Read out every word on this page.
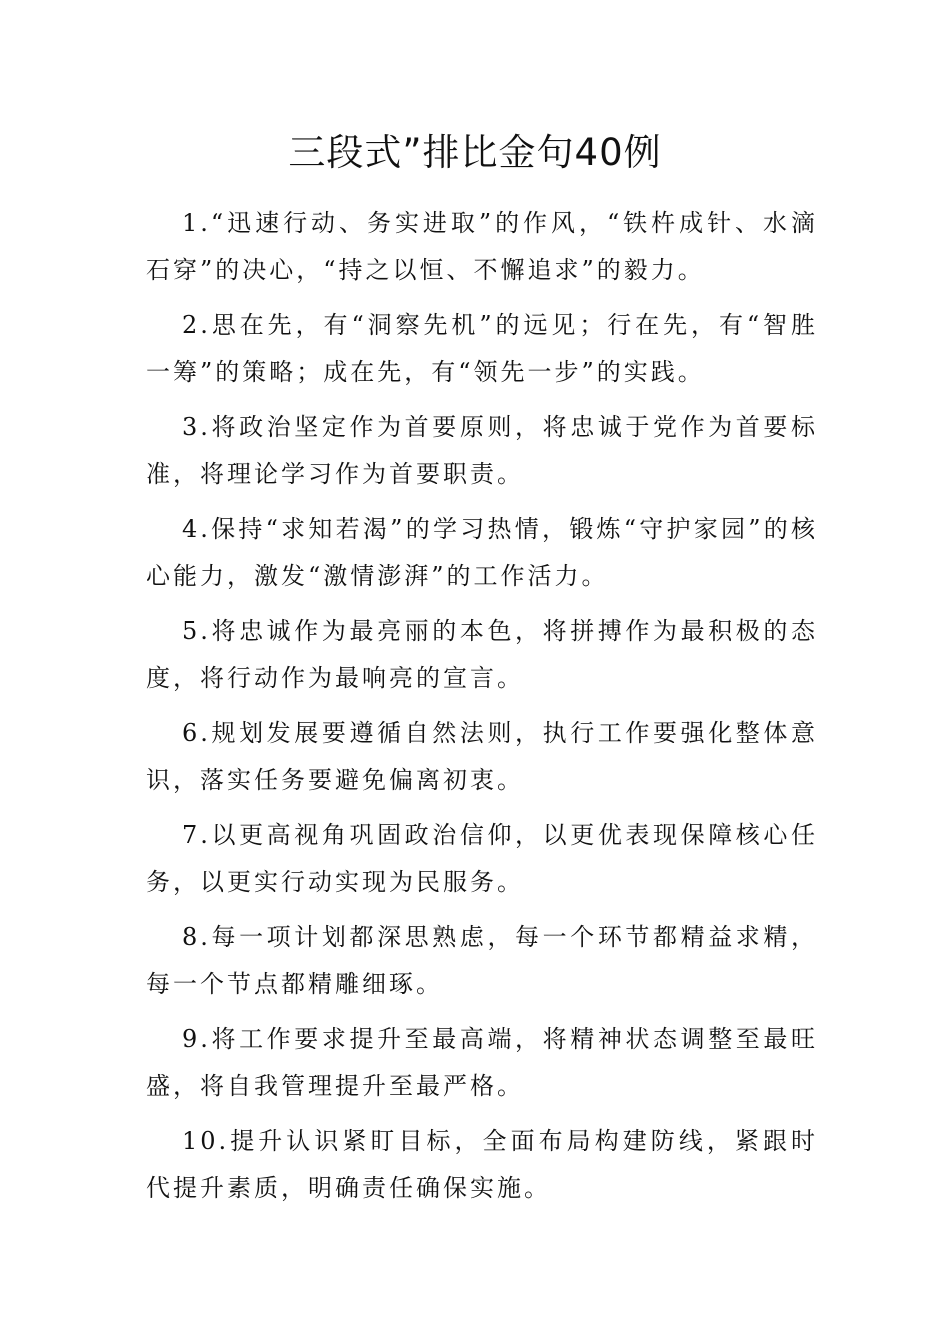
三段式”排比金句40例

1.“迅速行动、务实进取”的作风，“铁杵成针、水滴石穿”的决心，“持之以恒、不懈追求”的毅力。

2.思在先，有“洞察先机”的远见；行在先，有“智胜一筹”的策略；成在先，有“领先一步”的实践。

3.将政治坚定作为首要原则，将忠诚于党作为首要标准，将理论学习作为首要职责。

4.保持“求知若渴”的学习热情，锻炼“守护家园”的核心能力，激发“激情澎湃”的工作活力。

5.将忠诚作为最亮丽的本色，将拼搏作为最积极的态度，将行动作为最响亮的宣言。

6.规划发展要遵循自然法则，执行工作要强化整体意识，落实任务要避免偏离初衷。

7.以更高视角巩固政治信仰，以更优表现保障核心任务，以更实行动实现为民服务。

8.每一项计划都深思熟虑，每一个环节都精益求精，每一个节点都精雕细琢。

9.将工作要求提升至最高端，将精神状态调整至最旺盛，将自我管理提升至最严格。

10.提升认识紧盯目标，全面布局构建防线，紧跟时代提升素质，明确责任确保实施。
